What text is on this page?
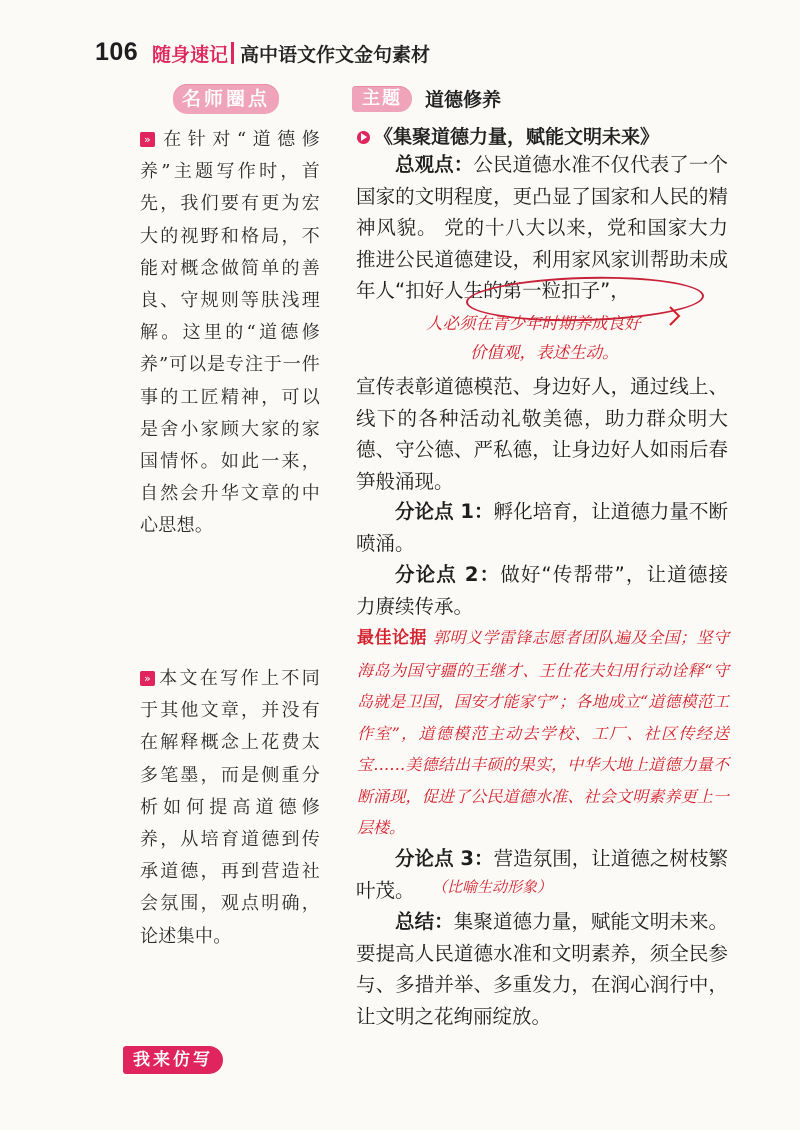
106 随身速记 高中语文作文金句素材
名师圈点
» 在针对“道德修养”主题写作时，首先，我们要有更为宏大的视野和格局，不能对概念做简单的善良、守规则等肤浅理解。这里的“道德修养”可以是专注于一件事的工匠精神，可以是舍小家顾大家的家国情怀。如此一来，自然会升华文章的中心思想。
» 本文在写作上不同于其他文章，并没有在解释概念上花费太多笔墨，而是侧重分析如何提高道德修养，从培育道德到传承道德，再到营造社会氛围，观点明确，论述集中。
主题	道德修养
《集聚道德力量，赋能文明未来》
总观点：公民道德水准不仅代表了一个国家的文明程度，更凸显了国家和人民的精神风貌。 党的十八大以来，党和国家大力推进公民道德建设，利用家风家训帮助未成年人“扣好人生的第一粒扣子”，
人必须在青少年时期养成良好
价值观，表述生动。
宣传表彰道德模范、身边好人，通过线上、线下的各种活动礼敬美德，助力群众明大德、守公德、严私德，让身边好人如雨后春笋般涌现。
分论点 1：孵化培育，让道德力量不断喷涌。
分论点 2：做好“传帮带”，让道德接力赓续传承。
最佳论据 郭明义学雷锋志愿者团队遍及全国；坚守海岛为国守疆的王继才、王仕花夫妇用行动诠释“守岛就是卫国，国安才能家宁”；各地成立“道德模范工作室”，道德模范主动去学校、工厂、社区传经送宝……美德结出丰硕的果实，中华大地上道德力量不断涌现，促进了公民道德水准、社会文明素养更上一层楼。
分论点 3：营造氛围，让道德之树枝繁叶茂。	（比喻生动形象）
总结：集聚道德力量，赋能文明未来。要提高人民道德水准和文明素养，须全民参与、多措并举、多重发力，在润心润行中，让文明之花绚丽绽放。
我来仿写
